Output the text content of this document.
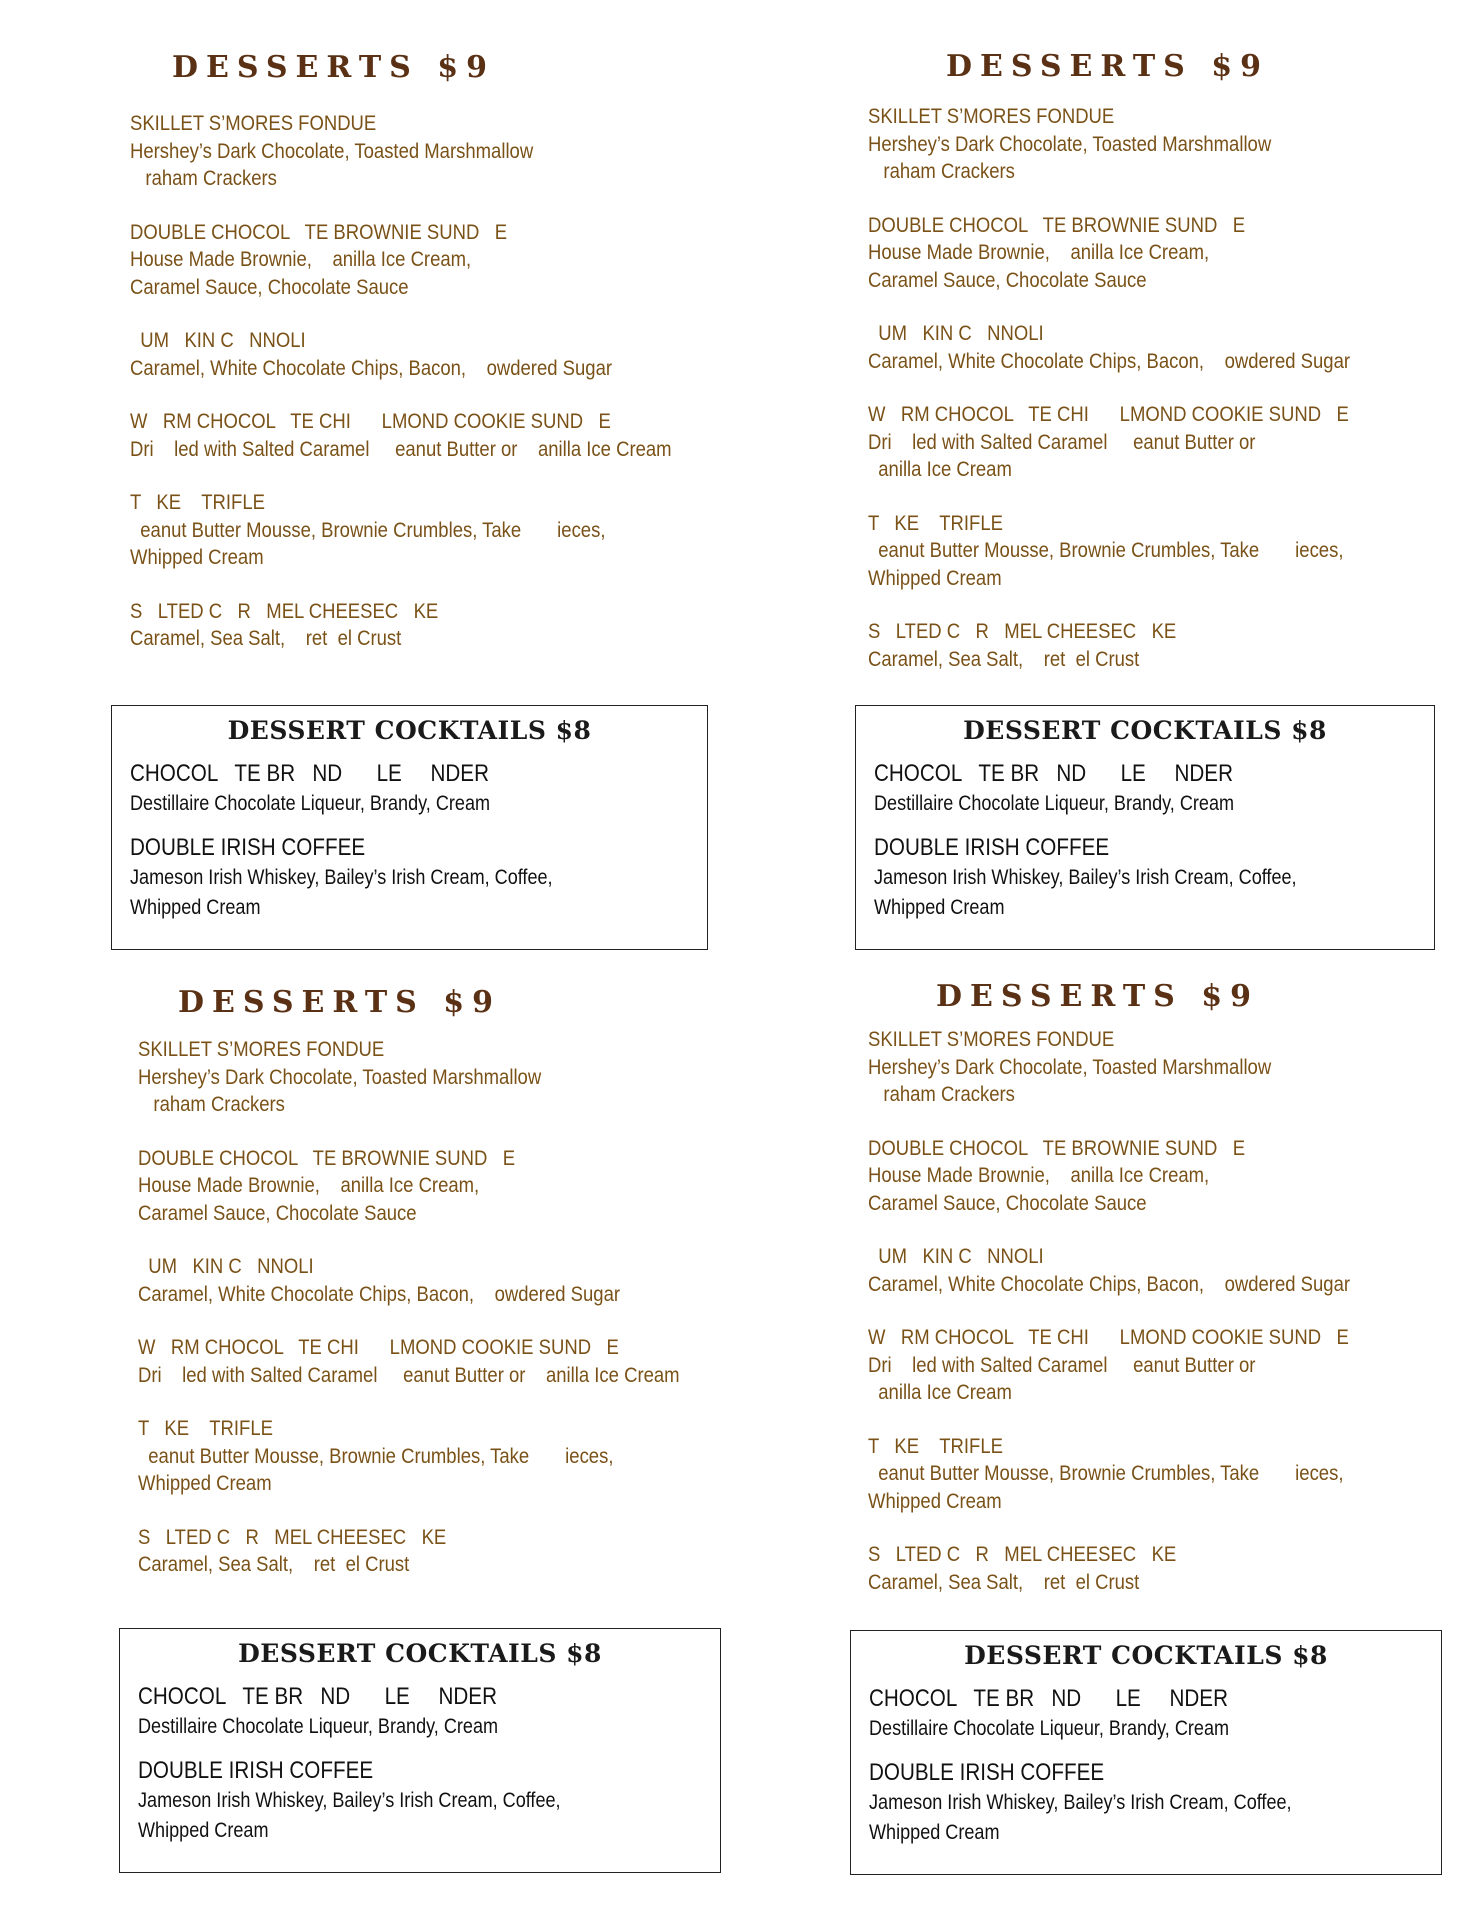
DESSERTS $9
SKILLET S’MORES FONDUE
Hershey’s Dark Chocolate, Toasted Marshmallow
raham Crackers
DOUBLE CHOCOL   TE BROWNIE SUND   E
House Made Brownie,    anilla Ice Cream,
Caramel Sauce, Chocolate Sauce
UM   KIN C   NNOLI
Caramel, White Chocolate Chips, Bacon,    owdered Sugar
W   RM CHOCOL   TE CHI      LMOND COOKIE SUND   E
Dri    led with Salted Caramel     eanut Butter or    anilla Ice Cream
T   KE    TRIFLE
eanut Butter Mousse, Brownie Crumbles, Take       ieces,
Whipped Cream
S   LTED C   R   MEL CHEESEC   KE
Caramel, Sea Salt,    ret  el Crust
DESSERT COCKTAILS $8
CHOCOL   TE BR   ND      LE     NDER
Destillaire Chocolate Liqueur, Brandy, Cream
DOUBLE IRISH COFFEE
Jameson Irish Whiskey, Bailey’s Irish Cream, Coffee,
Whipped Cream
DESSERTS $9
SKILLET S’MORES FONDUE
Hershey’s Dark Chocolate, Toasted Marshmallow
raham Crackers
DOUBLE CHOCOL   TE BROWNIE SUND   E
House Made Brownie,    anilla Ice Cream,
Caramel Sauce, Chocolate Sauce
UM   KIN C   NNOLI
Caramel, White Chocolate Chips, Bacon,    owdered Sugar
W   RM CHOCOL   TE CHI      LMOND COOKIE SUND   E
Dri    led with Salted Caramel     eanut Butter or
anilla Ice Cream
T   KE    TRIFLE
eanut Butter Mousse, Brownie Crumbles, Take       ieces,
Whipped Cream
S   LTED C   R   MEL CHEESEC   KE
Caramel, Sea Salt,    ret  el Crust
DESSERT COCKTAILS $8
CHOCOL   TE BR   ND      LE     NDER
Destillaire Chocolate Liqueur, Brandy, Cream
DOUBLE IRISH COFFEE
Jameson Irish Whiskey, Bailey’s Irish Cream, Coffee,
Whipped Cream
DESSERTS $9
SKILLET S’MORES FONDUE
Hershey’s Dark Chocolate, Toasted Marshmallow
raham Crackers
DOUBLE CHOCOL   TE BROWNIE SUND   E
House Made Brownie,    anilla Ice Cream,
Caramel Sauce, Chocolate Sauce
UM   KIN C   NNOLI
Caramel, White Chocolate Chips, Bacon,    owdered Sugar
W   RM CHOCOL   TE CHI      LMOND COOKIE SUND   E
Dri    led with Salted Caramel     eanut Butter or    anilla Ice Cream
T   KE    TRIFLE
eanut Butter Mousse, Brownie Crumbles, Take       ieces,
Whipped Cream
S   LTED C   R   MEL CHEESEC   KE
Caramel, Sea Salt,    ret  el Crust
DESSERT COCKTAILS $8
CHOCOL   TE BR   ND      LE     NDER
Destillaire Chocolate Liqueur, Brandy, Cream
DOUBLE IRISH COFFEE
Jameson Irish Whiskey, Bailey’s Irish Cream, Coffee,
Whipped Cream
DESSERTS $9
SKILLET S’MORES FONDUE
Hershey’s Dark Chocolate, Toasted Marshmallow
raham Crackers
DOUBLE CHOCOL   TE BROWNIE SUND   E
House Made Brownie,    anilla Ice Cream,
Caramel Sauce, Chocolate Sauce
UM   KIN C   NNOLI
Caramel, White Chocolate Chips, Bacon,    owdered Sugar
W   RM CHOCOL   TE CHI      LMOND COOKIE SUND   E
Dri    led with Salted Caramel     eanut Butter or
anilla Ice Cream
T   KE    TRIFLE
eanut Butter Mousse, Brownie Crumbles, Take       ieces,
Whipped Cream
S   LTED C   R   MEL CHEESEC   KE
Caramel, Sea Salt,    ret  el Crust
DESSERT COCKTAILS $8
CHOCOL   TE BR   ND      LE     NDER
Destillaire Chocolate Liqueur, Brandy, Cream
DOUBLE IRISH COFFEE
Jameson Irish Whiskey, Bailey’s Irish Cream, Coffee,
Whipped Cream
